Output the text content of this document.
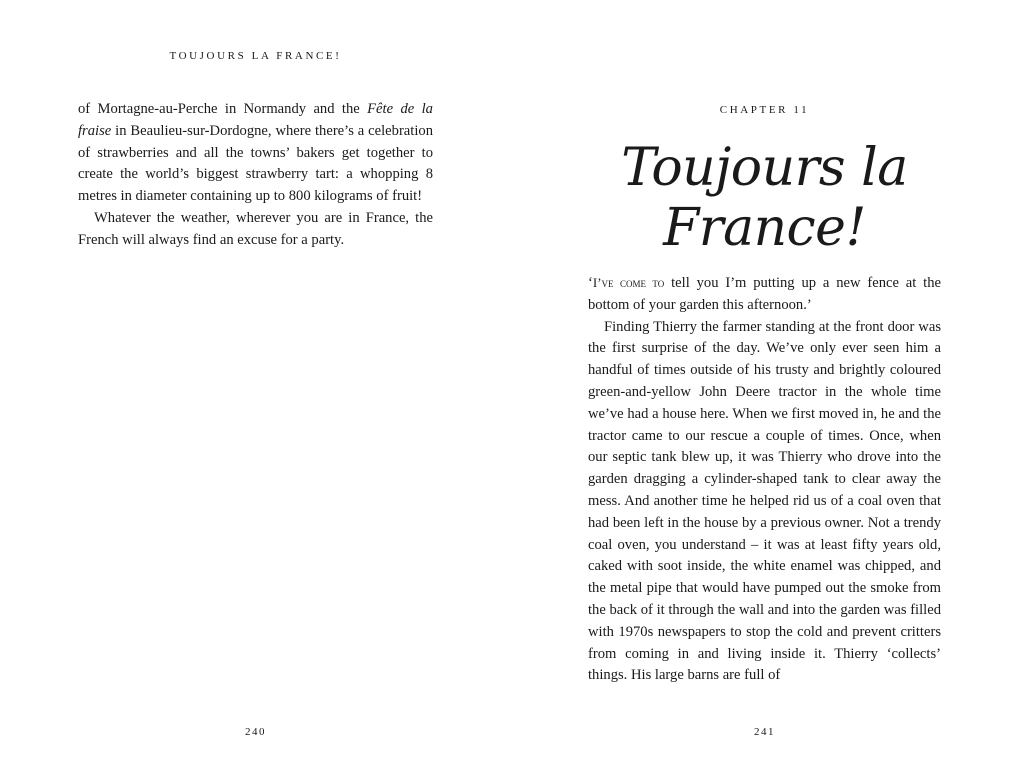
TOUJOURS LA FRANCE!

of Mortagne-au-Perche in Normandy and the Fête de la fraise in Beaulieu-sur-Dordogne, where there’s a celebration of strawberries and all the towns’ bakers get together to create the world’s biggest strawberry tart: a whopping 8 metres in diameter containing up to 800 kilograms of fruit!

Whatever the weather, wherever you are in France, the French will always find an excuse for a party.

240
CHAPTER 11
Toujours la France!

‘I’ve come to tell you I’m putting up a new fence at the bottom of your garden this afternoon.’

Finding Thierry the farmer standing at the front door was the first surprise of the day. We’ve only ever seen him a handful of times outside of his trusty and brightly coloured green-and-yellow John Deere tractor in the whole time we’ve had a house here. When we first moved in, he and the tractor came to our rescue a couple of times. Once, when our septic tank blew up, it was Thierry who drove into the garden dragging a cylinder-shaped tank to clear away the mess. And another time he helped rid us of a coal oven that had been left in the house by a previous owner. Not a trendy coal oven, you understand – it was at least fifty years old, caked with soot inside, the white enamel was chipped, and the metal pipe that would have pumped out the smoke from the back of it through the wall and into the garden was filled with 1970s newspapers to stop the cold and prevent critters from coming in and living inside it. Thierry ‘collects’ things. His large barns are full of

241
